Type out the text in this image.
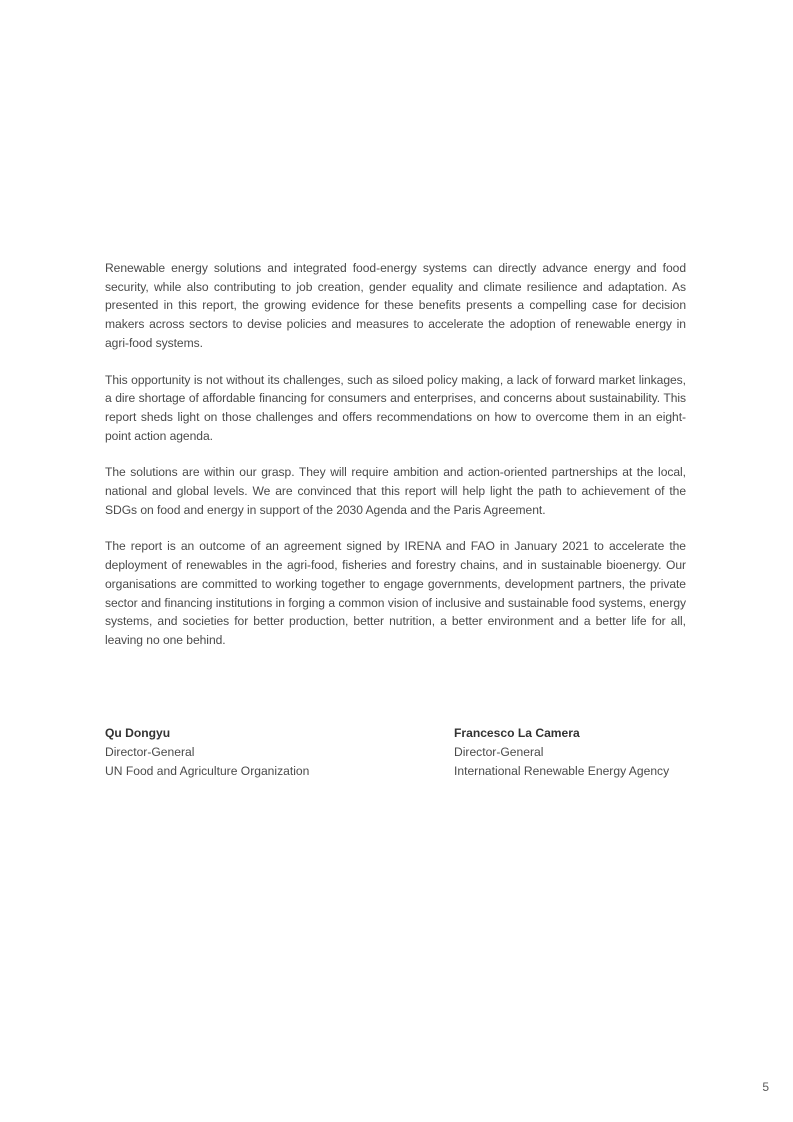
Renewable energy solutions and integrated food-energy systems can directly advance energy and food security, while also contributing to job creation, gender equality and climate resilience and adaptation. As presented in this report, the growing evidence for these benefits presents a compelling case for decision makers across sectors to devise policies and measures to accelerate the adoption of renewable energy in agri-food systems.

This opportunity is not without its challenges, such as siloed policy making, a lack of forward market linkages, a dire shortage of affordable financing for consumers and enterprises, and concerns about sustainability. This report sheds light on those challenges and offers recommendations on how to overcome them in an eight-point action agenda.

The solutions are within our grasp. They will require ambition and action-oriented partnerships at the local, national and global levels. We are convinced that this report will help light the path to achievement of the SDGs on food and energy in support of the 2030 Agenda and the Paris Agreement.

The report is an outcome of an agreement signed by IRENA and FAO in January 2021 to accelerate the deployment of renewables in the agri-food, fisheries and forestry chains, and in sustainable bioenergy. Our organisations are committed to working together to engage governments, development partners, the private sector and financing institutions in forging a common vision of inclusive and sustainable food systems, energy systems, and societies for better production, better nutrition, a better environment and a better life for all, leaving no one behind.

Qu Dongyu
Director-General
UN Food and Agriculture Organization
Francesco La Camera
Director-General
International Renewable Energy Agency
5
